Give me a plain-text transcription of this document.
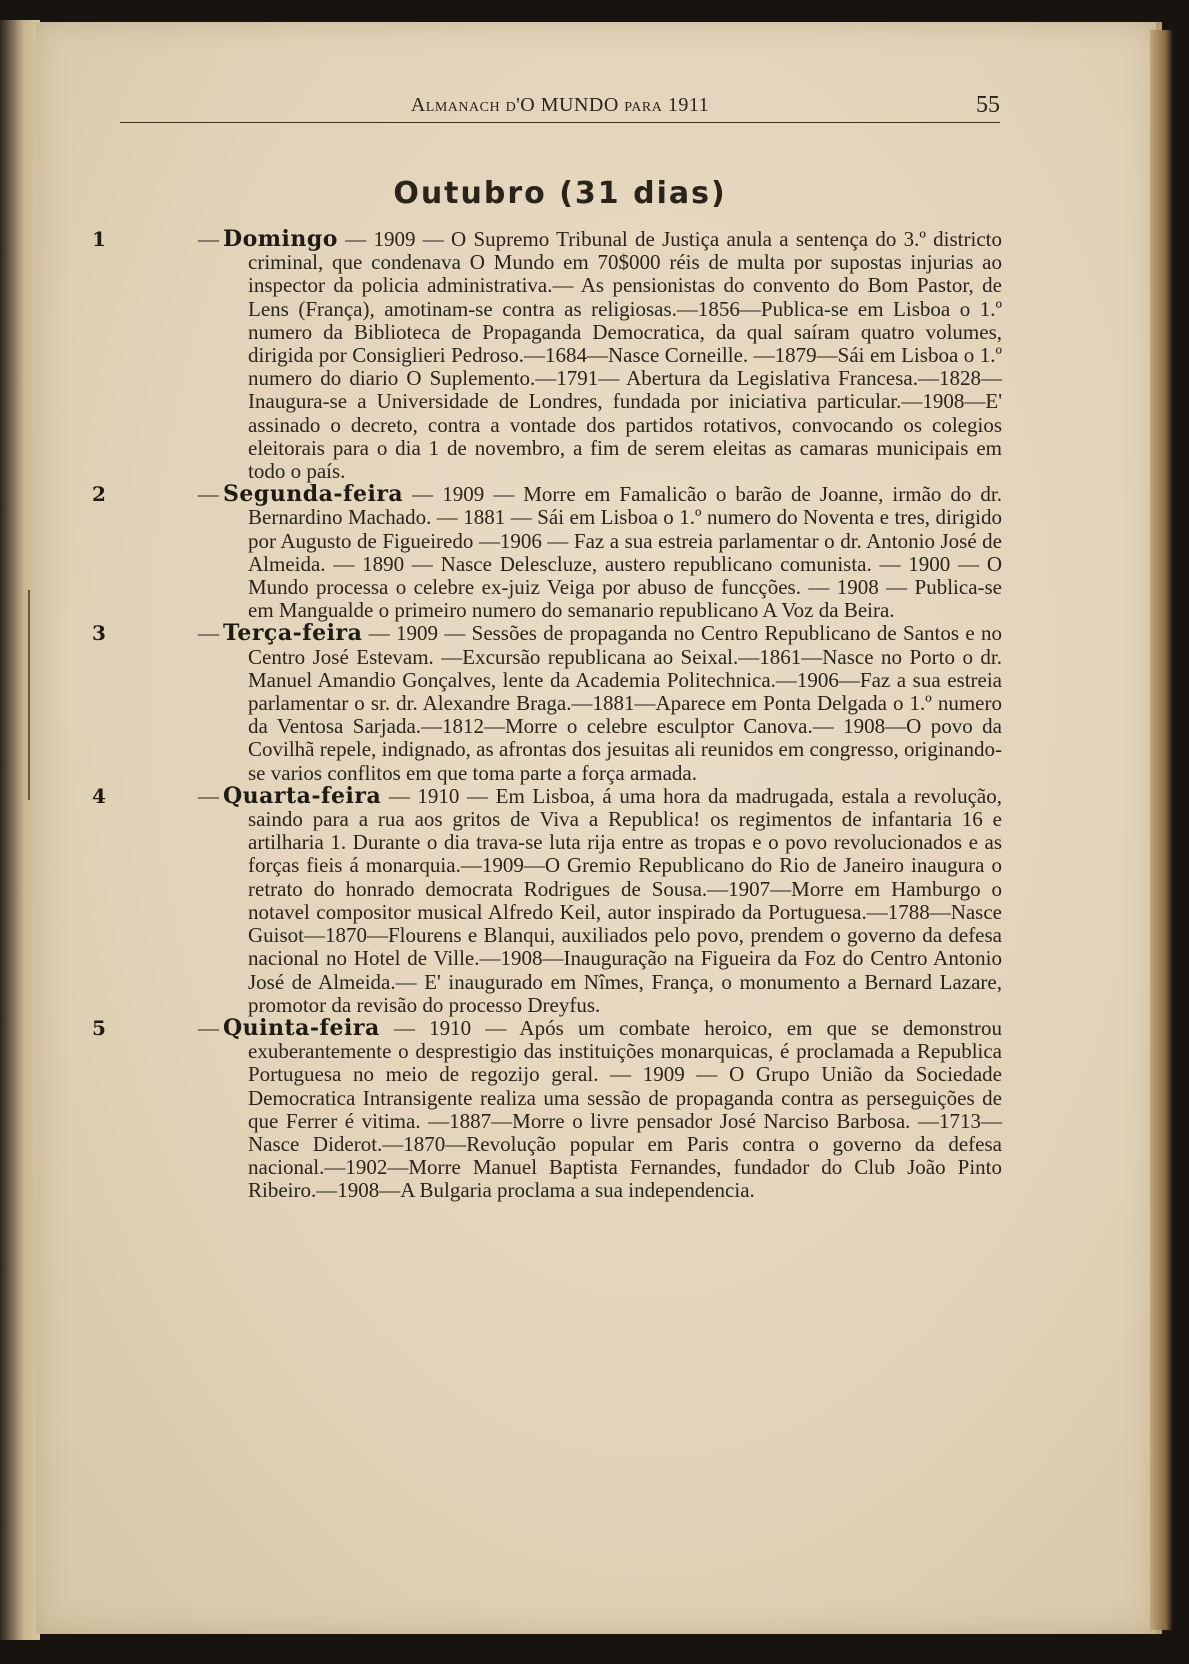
Almanach d'O MUNDO para 1911	55
Outubro (31 dias)

1	— Domingo — 1909 — O Supremo Tribunal de Justiça anula a sentença do 3.º districto criminal, que condenava O Mundo em 70$000 réis de multa por supostas injurias ao inspector da policia administrativa.— As pensionistas do convento do Bom Pastor, de Lens (França), amotinam-se contra as religiosas.—1856—Publica-se em Lisboa o 1.º numero da Biblioteca de Propaganda Democratica, da qual saíram quatro volumes, dirigida por Consiglieri Pedroso.—1684—Nasce Corneille. —1879—Sái em Lisboa o 1.º numero do diario O Suplemento.—1791— Abertura da Legislativa Francesa.—1828—Inaugura-se a Universidade de Londres, fundada por iniciativa particular.—1908—E' assinado o decreto, contra a vontade dos partidos rotativos, convocando os colegios eleitorais para o dia 1 de novembro, a fim de serem eleitas as camaras municipais em todo o país.

2	— Segunda-feira — 1909 — Morre em Famalicão o barão de Joanne, irmão do dr. Bernardino Machado. — 1881 — Sái em Lisboa o 1.º numero do Noventa e tres, dirigido por Augusto de Figueiredo —1906 — Faz a sua estreia parlamentar o dr. Antonio José de Almeida. — 1890 — Nasce Delescluze, austero republicano comunista. — 1900 — O Mundo processa o celebre ex-juiz Veiga por abuso de funcções. — 1908 — Publica-se em Mangualde o primeiro numero do semanario republicano A Voz da Beira.

3	— Terça-feira — 1909 — Sessões de propaganda no Centro Republicano de Santos e no Centro José Estevam. —Excursão republicana ao Seixal.—1861—Nasce no Porto o dr. Manuel Amandio Gonçalves, lente da Academia Politechnica.—1906—Faz a sua estreia parlamentar o sr. dr. Alexandre Braga.—1881—Aparece em Ponta Delgada o 1.º numero da Ventosa Sarjada.—1812—Morre o celebre esculptor Canova.— 1908—O povo da Covilhã repele, indignado, as afrontas dos jesuitas ali reunidos em congresso, originando-se varios conflitos em que toma parte a força armada.

4	— Quarta-feira — 1910 — Em Lisboa, á uma hora da madrugada, estala a revolução, saindo para a rua aos gritos de Viva a Republica! os regimentos de infantaria 16 e artilharia 1. Durante o dia trava-se luta rija entre as tropas e o povo revolucionados e as forças fieis á monarquia.—1909—O Gremio Republicano do Rio de Janeiro inaugura o retrato do honrado democrata Rodrigues de Sousa.—1907—Morre em Hamburgo o notavel compositor musical Alfredo Keil, autor inspirado da Portuguesa.—1788—Nasce Guisot—1870—Flourens e Blanqui, auxiliados pelo povo, prendem o governo da defesa nacional no Hotel de Ville.—1908—Inauguração na Figueira da Foz do Centro Antonio José de Almeida.— E' inaugurado em Nîmes, França, o monumento a Bernard Lazare, promotor da revisão do processo Dreyfus.

5	— Quinta-feira — 1910 — Após um combate heroico, em que se demonstrou exuberantemente o desprestigio das instituições monarquicas, é proclamada a Republica Portuguesa no meio de regozijo geral. — 1909 — O Grupo União da Sociedade Democratica Intransigente realiza uma sessão de propaganda contra as perseguições de que Ferrer é vitima. —1887—Morre o livre pensador José Narciso Barbosa. —1713—Nasce Diderot.—1870—Revolução popular em Paris contra o governo da defesa nacional.—1902—Morre Manuel Baptista Fernandes, fundador do Club João Pinto Ribeiro.—1908—A Bulgaria proclama a sua independencia.
